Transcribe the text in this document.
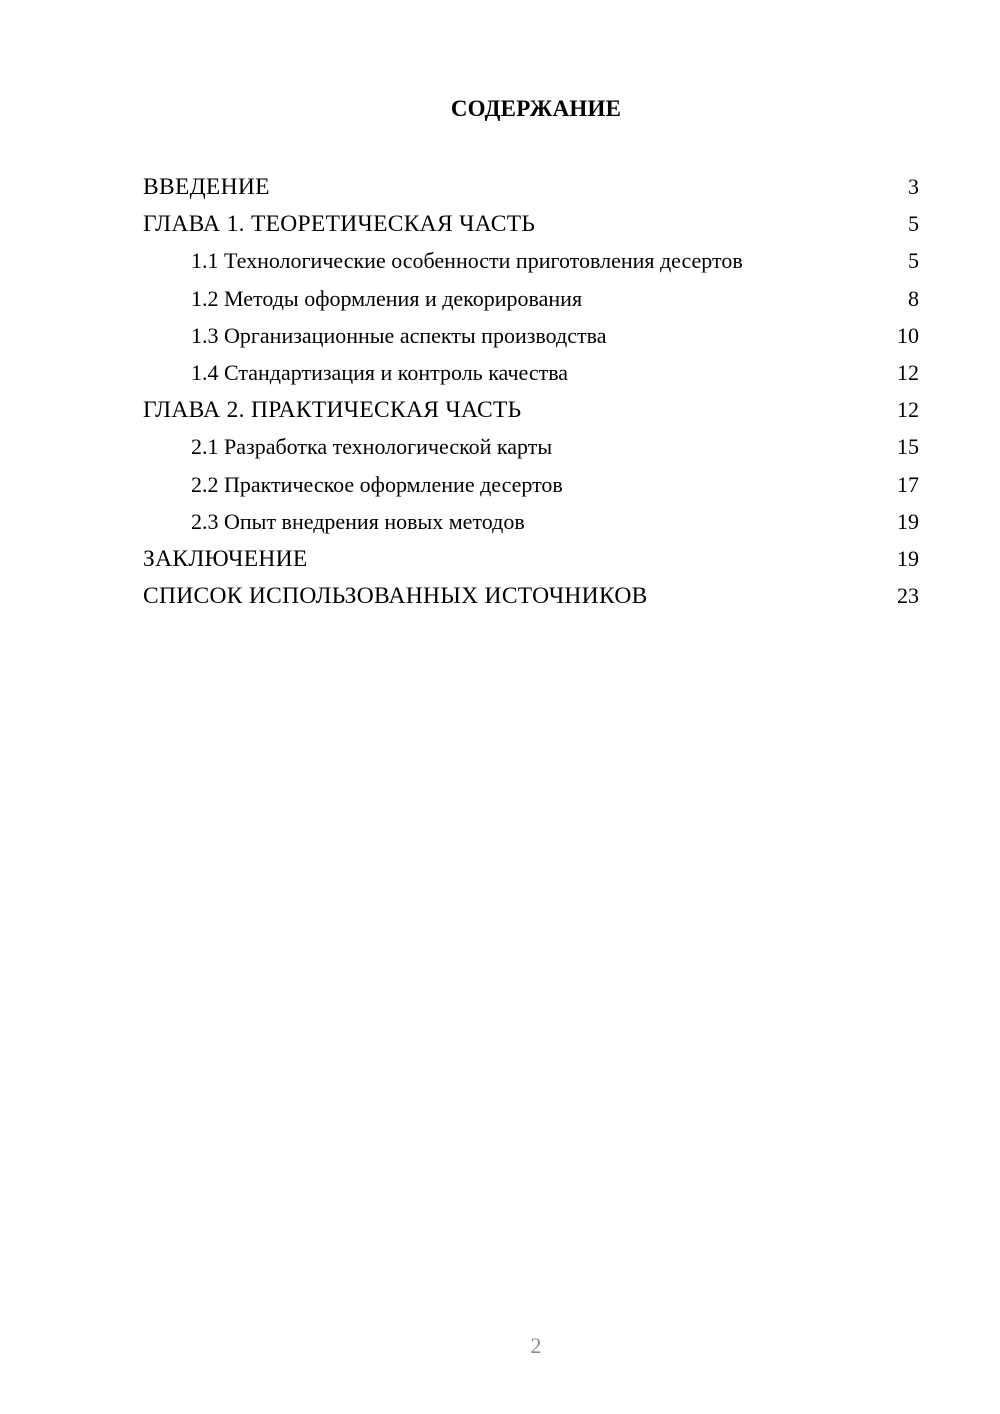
СОДЕРЖАНИЕ
ВВЕДЕНИЕ	3
ГЛАВА 1. ТЕОРЕТИЧЕСКАЯ ЧАСТЬ	5
1.1 Технологические особенности приготовления десертов	5
1.2 Методы оформления и декорирования	8
1.3 Организационные аспекты производства	10
1.4 Стандартизация и контроль качества	12
ГЛАВА 2. ПРАКТИЧЕСКАЯ ЧАСТЬ	12
2.1 Разработка технологической карты	15
2.2 Практическое оформление десертов	17
2.3 Опыт внедрения новых методов	19
ЗАКЛЮЧЕНИЕ	19
СПИСОК ИСПОЛЬЗОВАННЫХ ИСТОЧНИКОВ	23
2
